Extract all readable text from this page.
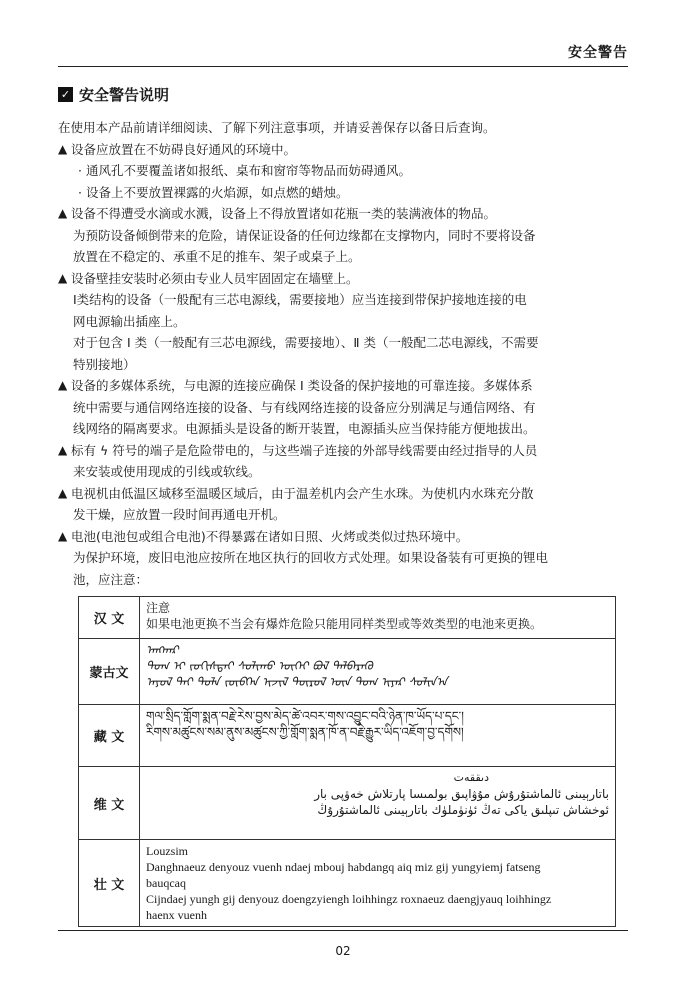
安全警告
✓ 安全警告说明

在使用本产品前请详细阅读、了解下列注意事项，并请妥善保存以备日后查询。

▲ 设备应放置在不妨碍良好通风的环境中。

· 通风孔不要覆盖诸如报纸、桌布和窗帘等物品而妨碍通风。

· 设备上不要放置裸露的火焰源，如点燃的蜡烛。

▲ 设备不得遭受水滴或水溅，设备上不得放置诸如花瓶一类的装满液体的物品。

为预防设备倾倒带来的危险，请保证设备的任何边缘都在支撑物内，同时不要将设备

放置在不稳定的、承重不足的推车、架子或桌子上。

▲ 设备壁挂安装时必须由专业人员牢固固定在墙壁上。

Ⅰ类结构的设备（一般配有三芯电源线，需要接地）应当连接到带保护接地连接的电

网电源输出插座上。

对于包含 Ⅰ 类（一般配有三芯电源线，需要接地）、Ⅱ 类（一般配二芯电源线，不需要

特别接地）

▲ 设备的多媒体系统，与电源的连接应确保 Ⅰ 类设备的保护接地的可靠连接。多媒体系

统中需要与通信网络连接的设备、与有线网络连接的设备应分别满足与通信网络、有

线网络的隔离要求。电源插头是设备的断开装置，电源插头应当保持能方便地拔出。

▲ 标有 ϟ 符号的端子是危险带电的，与这些端子连接的外部导线需要由经过指导的人员

来安装或使用现成的引线或软线。

▲ 电视机由低温区域移至温暖区域后，由于温差机内会产生水珠。为使机内水珠充分散

发干燥，应放置一段时间再通电开机。

▲ 电池(电池包或组合电池)不得暴露在诸如日照、火烤或类似过热环境中。

为保护环境，废旧电池应按所在地区执行的回收方式处理。如果设备装有可更换的锂电

池，应注意：

汉 文	注意
如果电池更换不当会有爆炸危险只能用同样类型或等效类型的电池来更换。

蒙古文	ᠠᠩᠬᠠᠷ
ᠲᠣᠭ ᠢ ᠵᠣᠬᠢᠰᠲᠠᠢ ᠰᠣᠯᠢᠬᠤ ᠦᠭᠡᠢ ᠪᠣᠯ ᠳᠡᠯᠪᠡᠷᠡᠬᠦ
ᠠᠶᠤᠯ ᠲᠠᠢ ᠲᠤᠯᠠ ᠵᠥᠪᠬᠡᠨ ᠢᠵᠢᠯ ᠲᠥᠷᠥᠯ ᠦᠨ ᠲᠣᠭ ᠢᠶᠠᠷ ᠰᠣᠯᠢᠨ᠎ᠠ

藏 文	གལ་སྲིད་གློག་སྨན་བརྗེ་རེས་བྱས་མེད་ཚེ་འབར་གས་འབྱུང་བའི་ཉེན་ཁ་ཡོད་པ་དང་།
རིགས་མཚུངས་སམ་ནུས་མཚུངས་ཀྱི་གློག་སྨན་ཁོ་ན་བརྗེ་རྒྱུར་ཡིད་འཇོག་བྱ་དགོས།

维 文	دىققەت
باتارېيىنى ئالماشتۇرۇش مۇۋاپىق بولمىسا پارتلاش خەۋپى بار
ئوخشاش تىپلىق ياكى تەڭ ئۈنۈملۈك باتارېيىنى ئالماشتۇرۇڭ

壮 文	Louzsim
Danghnaeuz denyouz vuenh ndaej mbouj habdangq aiq miz gij yungyiemj fatseng
bauqcaq
Cijndaej yungh gij denyouz doengzyiengh loihhingz roxnaeuz daengjyauq loihhingz
haenx vuenh
02
